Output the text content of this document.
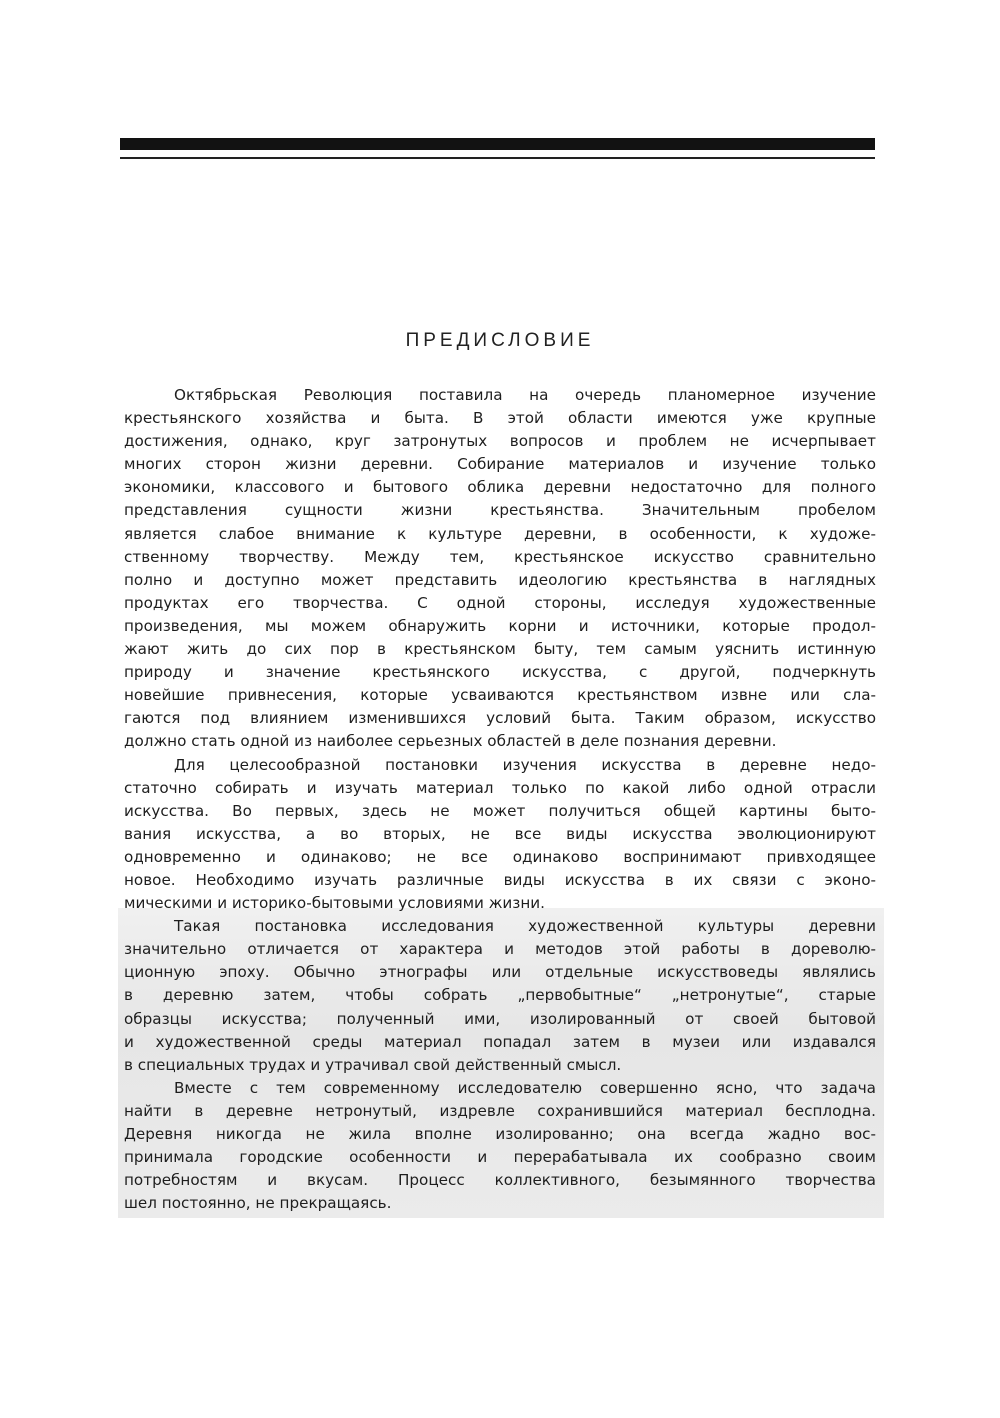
ПРЕДИСЛОВИЕ

Октябрьская Революция поставила на очередь планомерное изучение
крестьянского хозяйства и быта. В этой области имеются уже крупные
достижения, однако, круг затронутых вопросов и проблем не исчерпывает
многих сторон жизни деревни. Собирание материалов и изучение только
экономики, классового и бытового облика деревни недостаточно для полного
представления сущности жизни крестьянства. Значительным пробелом
является слабое внимание к культуре деревни, в особенности, к художе-
ственному творчеству. Между тем, крестьянское искусство сравнительно
полно и доступно может представить идеологию крестьянства в наглядных
продуктах его творчества. С одной стороны, исследуя художественные
произведения, мы можем обнаружить корни и источники, которые продол-
жают жить до сих пор в крестьянском быту, тем самым уяснить истинную
природу и значение крестьянского искусства, с другой, подчеркнуть
новейшие привнесения, которые усваиваются крестьянством извне или сла-
гаются под влиянием изменившихся условий быта. Таким образом, искусство
должно стать одной из наиболее серьезных областей в деле познания деревни.

Для целесообразной постановки изучения искусства в деревне недо-
статочно собирать и изучать материал только по какой либо одной отрасли
искусства. Во первых, здесь не может получиться общей картины быто-
вания искусства, а во вторых, не все виды искусства эволюционируют
одновременно и одинаково; не все одинаково воспринимают привходящее
новое. Необходимо изучать различные виды искусства в их связи с эконо-
мическими и историко-бытовыми условиями жизни.

Такая постановка исследования художественной культуры деревни
значительно отличается от характера и методов этой работы в дореволю-
ционную эпоху. Обычно этнографы или отдельные искусствоведы являлись
в деревню затем, чтобы собрать „первобытные“ „нетронутые“, старые
образцы искусства; полученный ими, изолированный от своей бытовой
и художественной среды материал попадал затем в музеи или издавался
в специальных трудах и утрачивал свой действенный смысл.

Вместе с тем современному исследователю совершенно ясно, что задача
найти в деревне нетронутый, издревле сохранившийся материал бесплодна.
Деревня никогда не жила вполне изолированно; она всегда жадно вос-
принимала городские особенности и перерабатывала их сообразно своим
потребностям и вкусам. Процесс коллективного, безымянного творчества
шел постоянно, не прекращаясь.
